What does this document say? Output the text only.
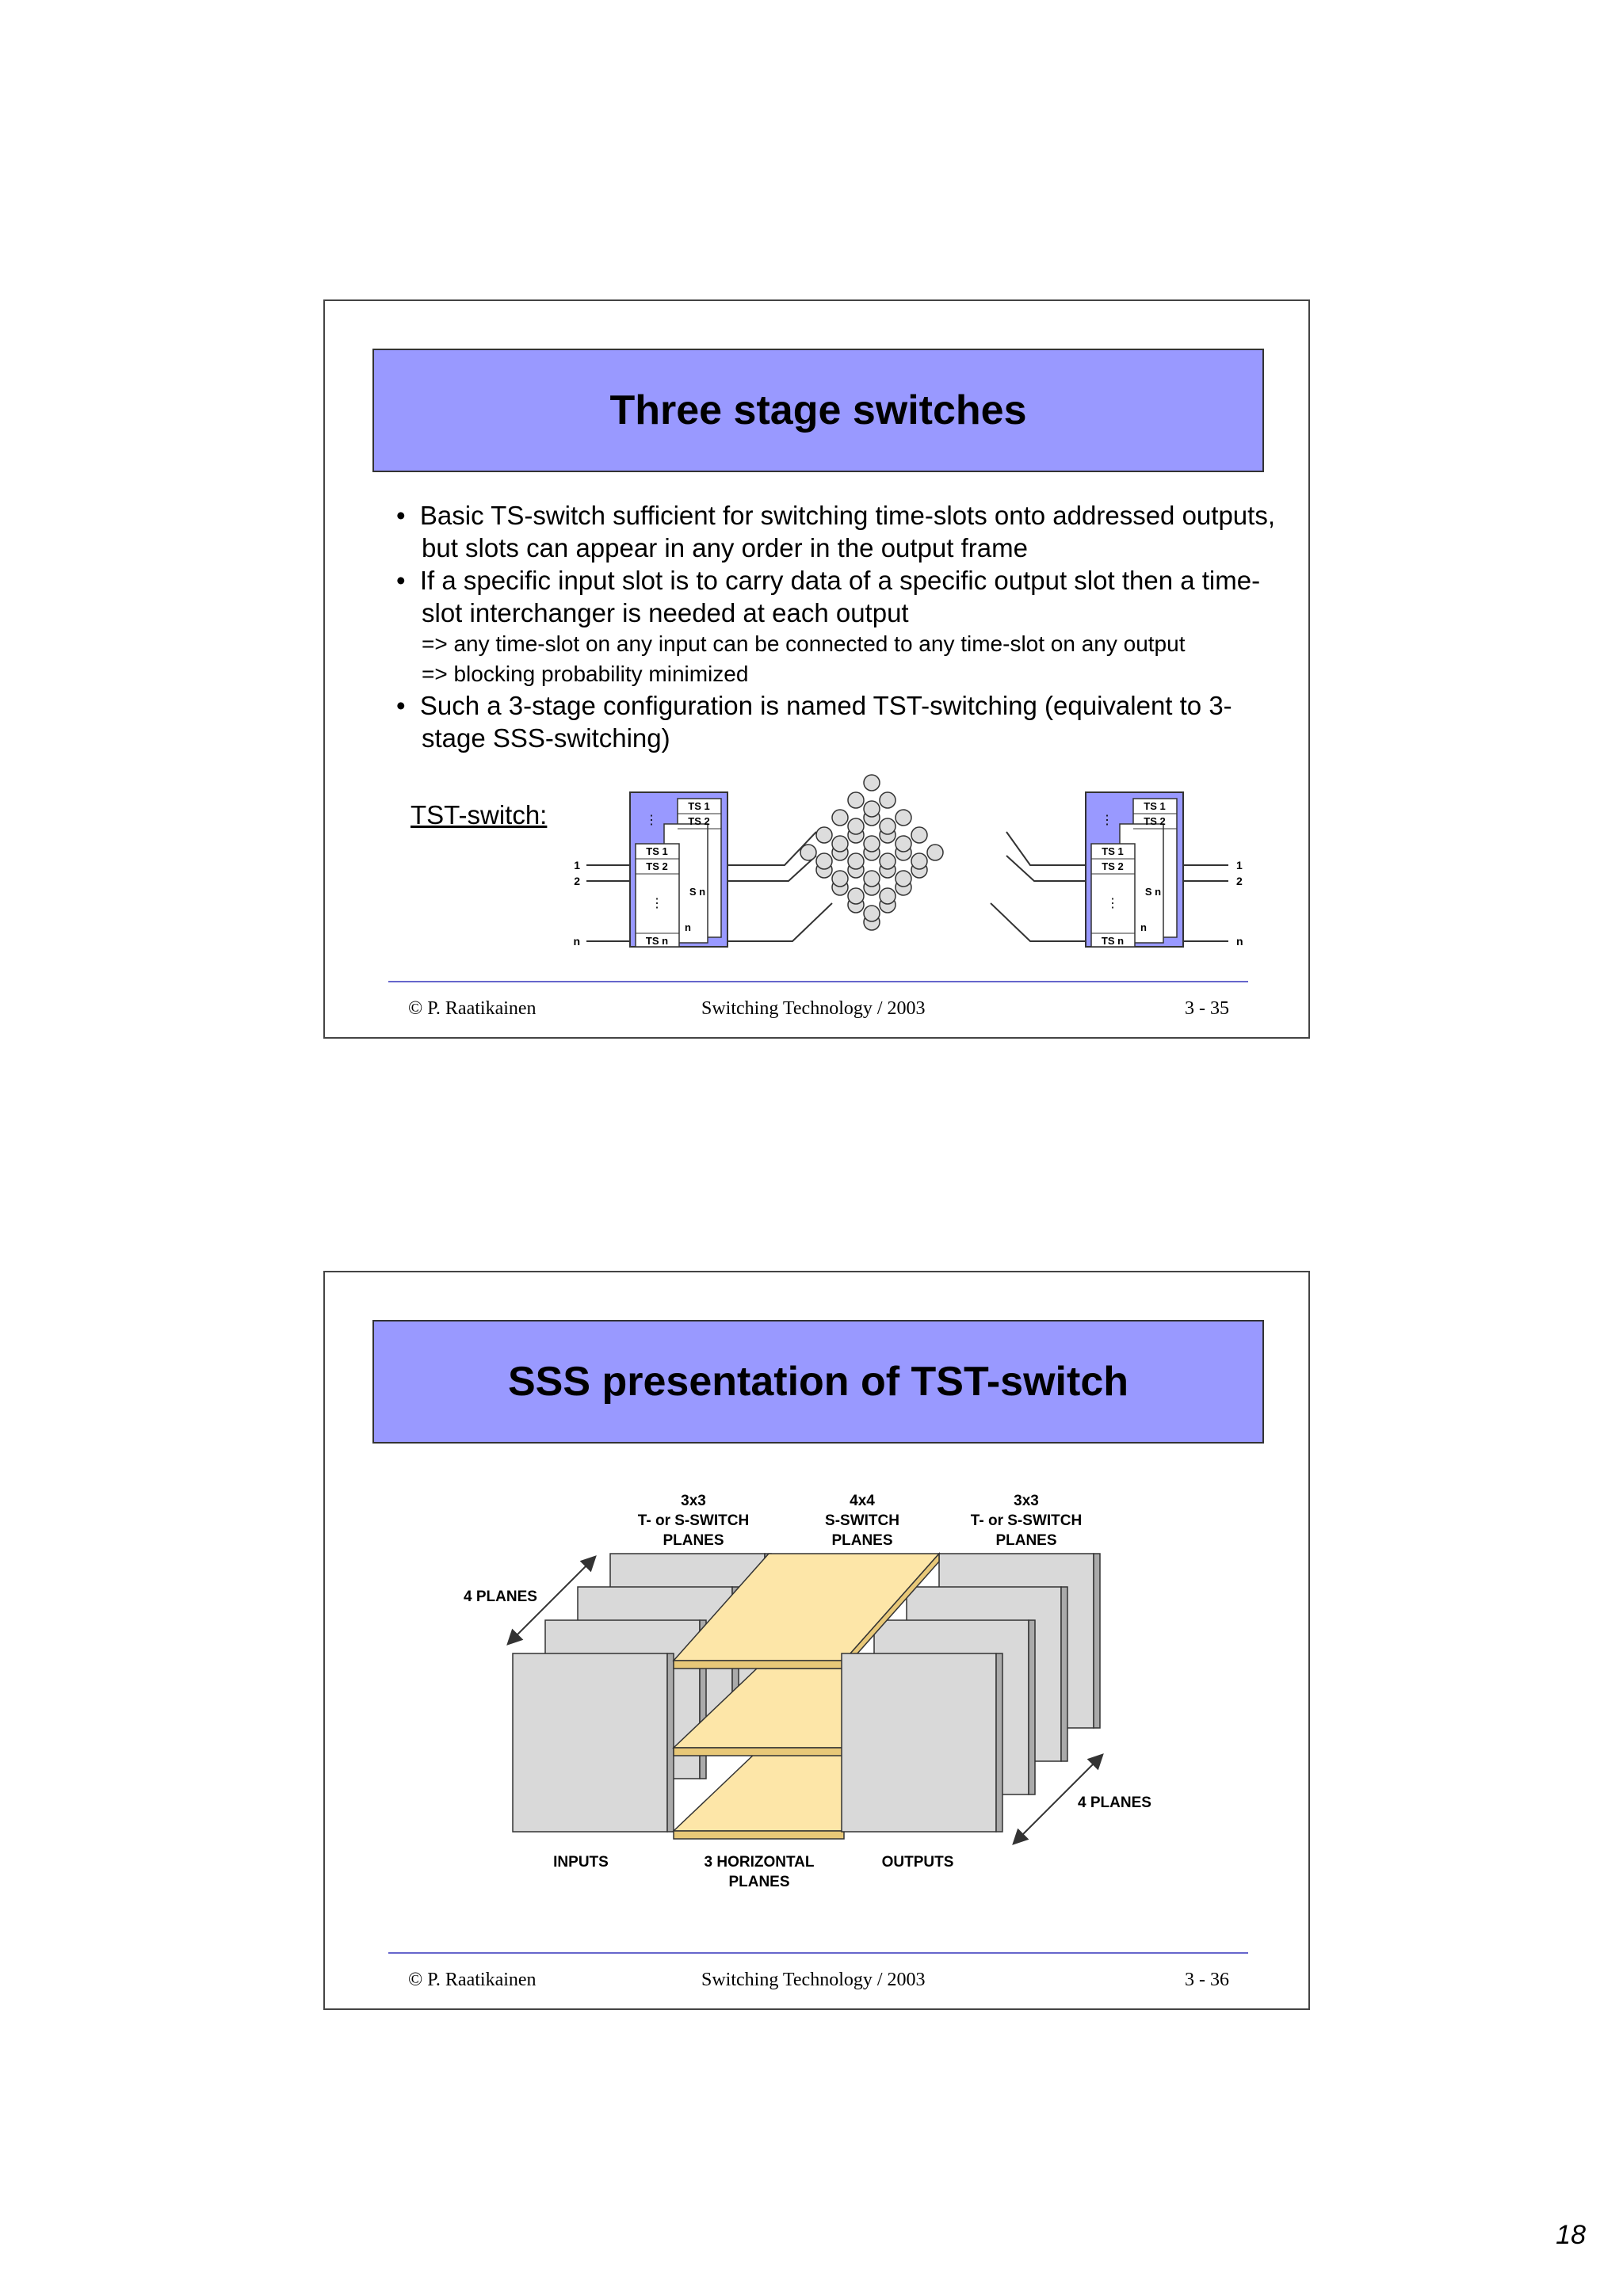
Three stage switches

•  Basic TS-switch sufficient for switching time-slots onto addressed outputs, but slots can appear in any order in the output frame

•  If a specific input slot is to carry data of a specific output slot then a time-slot interchanger is needed at each output

=> any time-slot on any input can be connected to any time-slot on any output

=> blocking probability minimized

•  Such a 3-stage configuration is named TST-switching (equivalent to 3-stage SSS-switching)

TST-switch:	TS 1
TS 2
S n
n
TS 1
TS 2
⋮
TS n
⋮
1
2
n
TS 1
TS 2
S n
n
TS 1
TS 2
⋮
TS n
⋮
1
2
n
© P. Raatikainen	Switching Technology / 2003	3 - 35
SSS presentation of TST-switch
3x3
T- or S-SWITCH
PLANES
4x4
S-SWITCH
PLANES
3x3
T- or S-SWITCH
PLANES
4 PLANES
4 PLANES
INPUTS	3 HORIZONTAL
PLANES
OUTPUTS
© P. Raatikainen	Switching Technology / 2003	3 - 36
18
